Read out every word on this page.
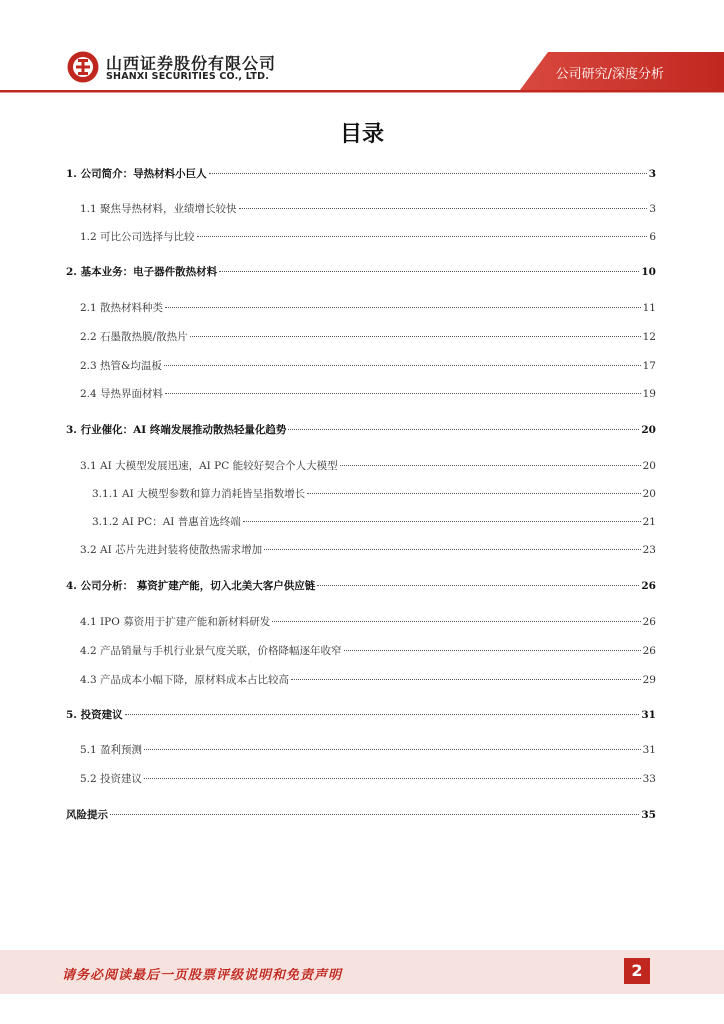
山西证券股份有限公司
SHANXI SECURITIES CO., LTD.	公司研究/深度分析
目录
1. 公司简介：导热材料小巨人	3
1.1 聚焦导热材料，业绩增长较快	3
1.2 可比公司选择与比较	6
2. 基本业务：电子器件散热材料	10
2.1 散热材料种类	11
2.2 石墨散热膜/散热片	12
2.3 热管&均温板	17
2.4 导热界面材料	19
3. 行业催化：AI 终端发展推动散热轻量化趋势	20
3.1 AI 大模型发展迅速，AI PC 能较好契合个人大模型	20
3.1.1 AI 大模型参数和算力消耗皆呈指数增长	20
3.1.2 AI PC：AI 普惠首选终端	21
3.2 AI 芯片先进封装将使散热需求增加	23
4. 公司分析： 募资扩建产能，切入北美大客户供应链	26
4.1 IPO 募资用于扩建产能和新材料研发	26
4.2 产品销量与手机行业景气度关联，价格降幅逐年收窄	26
4.3 产品成本小幅下降，原材料成本占比较高	29
5. 投资建议	31
5.1 盈利预测	31
5.2 投资建议	33
风险提示	35
请务必阅读最后一页股票评级说明和免责声明	2
